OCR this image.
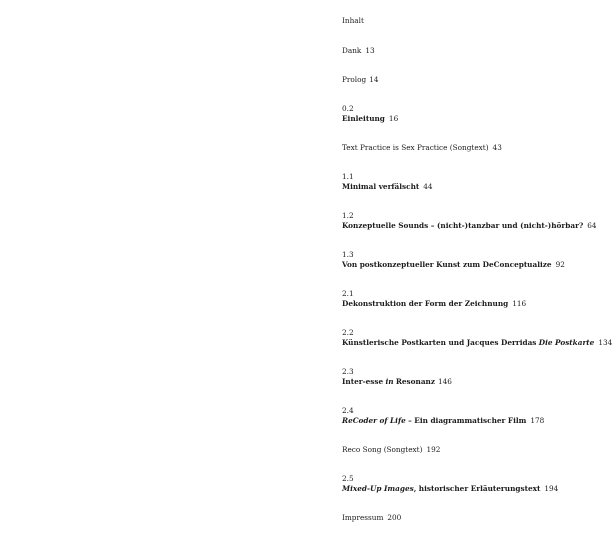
Inhalt
Dank 13
Prolog 14
0.2
Einleitung 16
Text Practice is Sex Practice (Songtext) 43
1.1
Minimal verfälscht 44
1.2
Konzeptuelle Sounds – (nicht-)tanzbar und (nicht-)hörbar? 64
1.3
Von postkonzeptueller Kunst zum DeConceptualize 92
2.1
Dekonstruktion der Form der Zeichnung 116
2.2
Künstlerische Postkarten und Jacques Derridas Die Postkarte 134
2.3
Inter-esse in Resonanz 146
2.4
ReCoder of Life – Ein diagrammatischer Film 178
Reco Song (Songtext) 192
2.5
Mixed-Up Images, historischer Erläuterungstext 194
Impressum 200
